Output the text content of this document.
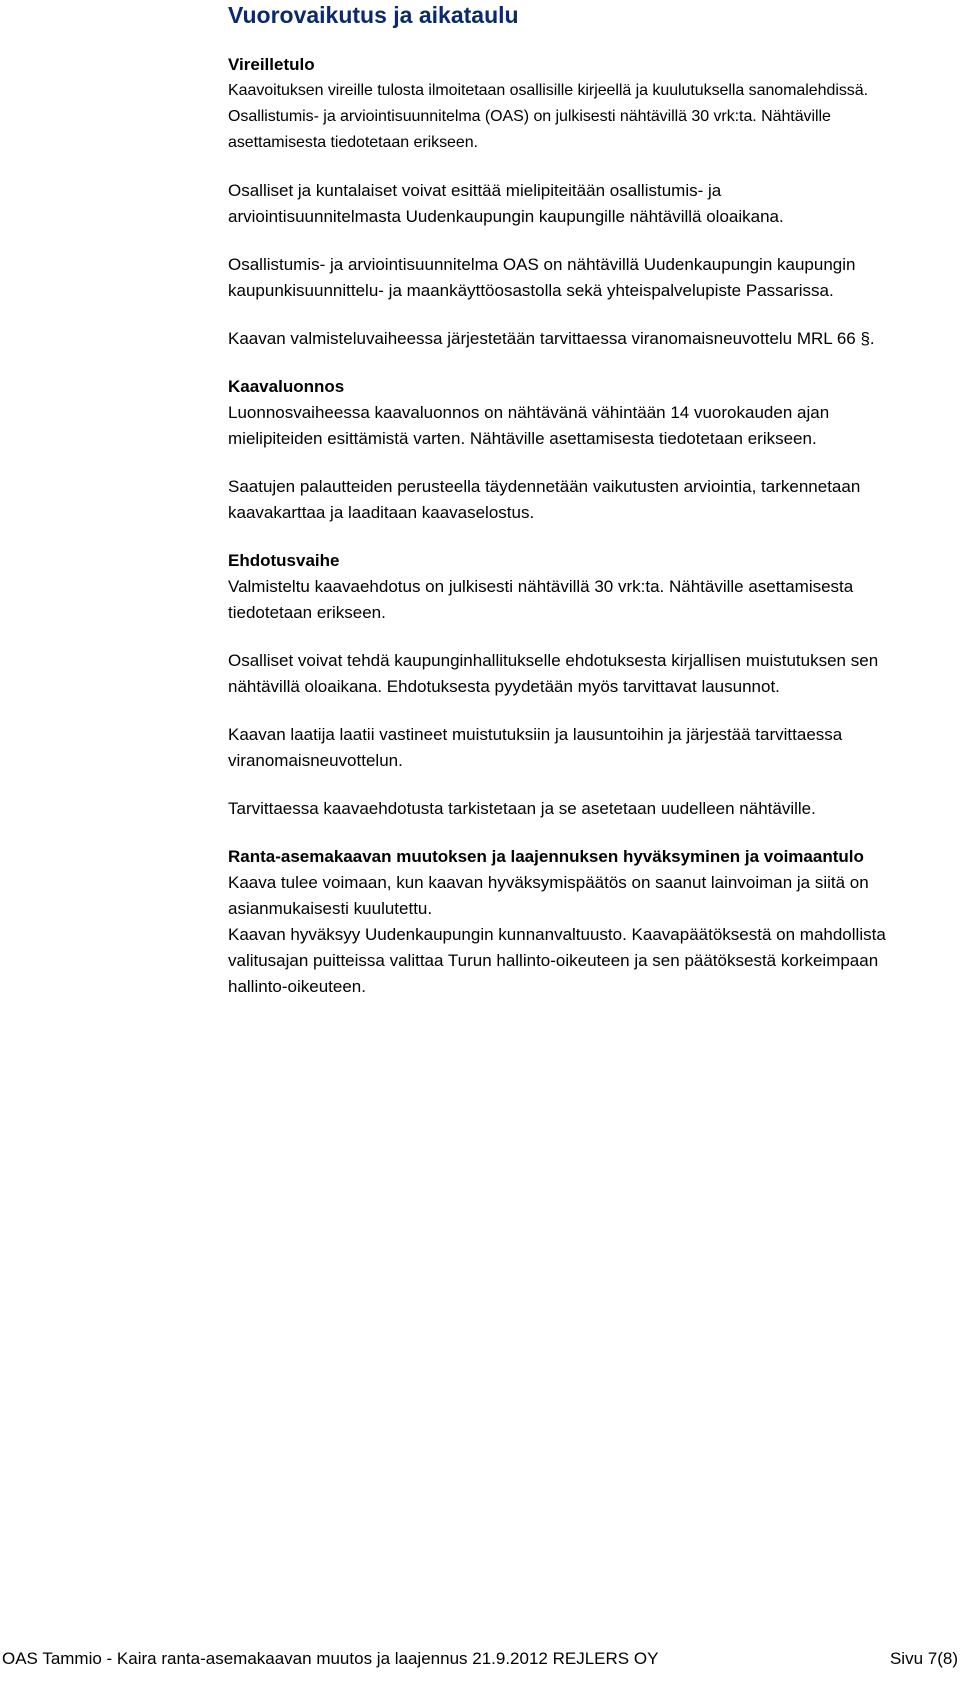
Vuorovaikutus ja aikataulu

Vireilletulo

Kaavoituksen vireille tulosta ilmoitetaan osallisille kirjeellä ja kuulutuksella sanomalehdissä. Osallistumis- ja arviointisuunnitelma (OAS) on julkisesti nähtävillä 30 vrk:ta. Nähtäville asettamisesta tiedotetaan erikseen.

Osalliset ja kuntalaiset voivat esittää mielipiteitään osallistumis- ja arviointisuunnitelmasta Uudenkaupungin kaupungille nähtävillä oloaikana.

Osallistumis- ja arviointisuunnitelma OAS on nähtävillä Uudenkaupungin kaupungin kaupunkisuunnittelu- ja maankäyttöosastolla sekä yhteispalvelupiste Passarissa.

Kaavan valmisteluvaiheessa järjestetään tarvittaessa viranomaisneuvottelu MRL 66 §.

Kaavaluonnos

Luonnosvaiheessa kaavaluonnos on nähtävänä vähintään 14 vuorokauden ajan mielipiteiden esittämistä varten. Nähtäville asettamisesta tiedotetaan erikseen.

Saatujen palautteiden perusteella täydennetään vaikutusten arviointia, tarkennetaan kaavakarttaa ja laaditaan kaavaselostus.

Ehdotusvaihe

Valmisteltu kaavaehdotus on julkisesti nähtävillä 30 vrk:ta. Nähtäville asettamisesta tiedotetaan erikseen.

Osalliset voivat tehdä kaupunginhallitukselle ehdotuksesta kirjallisen muistutuksen sen nähtävillä oloaikana. Ehdotuksesta pyydetään myös tarvittavat lausunnot.

Kaavan laatija laatii vastineet muistutuksiin ja lausuntoihin ja järjestää tarvittaessa viranomaisneuvottelun.

Tarvittaessa kaavaehdotusta tarkistetaan ja se asetetaan uudelleen nähtäville.

Ranta-asemakaavan muutoksen ja laajennuksen hyväksyminen ja voimaantulo

Kaava tulee voimaan, kun kaavan hyväksymispäätös on saanut lainvoiman ja siitä on asianmukaisesti kuulutettu.

Kaavan hyväksyy Uudenkaupungin kunnanvaltuusto. Kaavapäätöksestä on mahdollista valitusajan puitteissa valittaa Turun hallinto-oikeuteen ja sen päätöksestä korkeimpaan hallinto-oikeuteen.

OAS Tammio - Kaira ranta-asemakaavan muutos ja laajennus 21.9.2012 REJLERS OY	Sivu 7(8)
